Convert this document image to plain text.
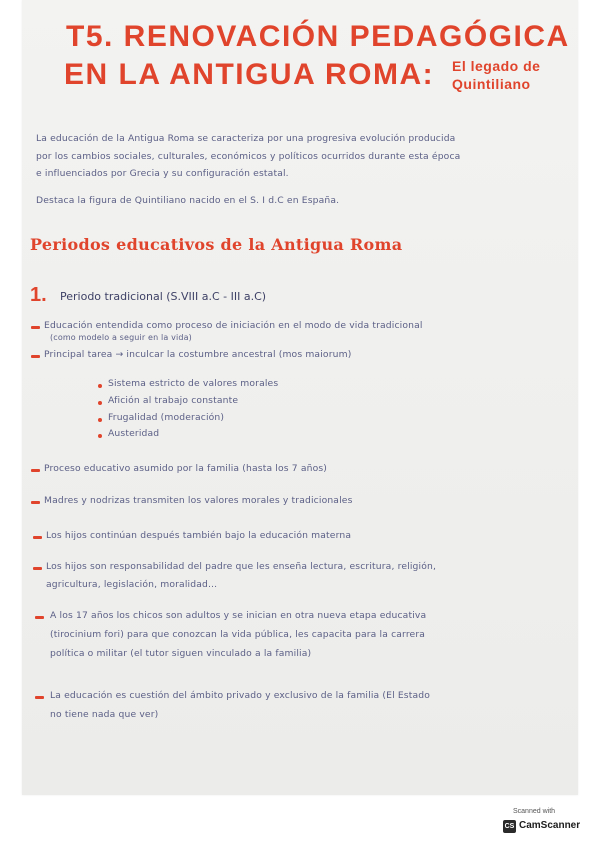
T5. RENOVACIÓN PEDAGÓGICA
EN LA ANTIGUA ROMA: El legado de
Quintiliano
La educación de la Antigua Roma se caracteriza por una progresiva evolución producida
por los cambios sociales, culturales, económicos y políticos ocurridos durante esta época
e influenciados por Grecia y su configuración estatal.
Destaca la figura de Quintiliano nacido en el S. I d.C en España.
Periodos educativos de la Antigua Roma
1. Periodo tradicional (S.VIII a.C - III a.C)
Educación entendida como proceso de iniciación en el modo de vida tradicional
(como modelo a seguir en la vida)
Principal tarea → inculcar la costumbre ancestral (mos maiorum)
Sistema estricto de valores morales
Afición al trabajo constante
Frugalidad (moderación)
Austeridad
Proceso educativo asumido por la familia (hasta los 7 años)
Madres y nodrizas transmiten los valores morales y tradicionales
Los hijos continúan después también bajo la educación materna
Los hijos son responsabilidad del padre que les enseña lectura, escritura, religión,
agricultura, legislación, moralidad...
A los 17 años los chicos son adultos y se inician en otra nueva etapa educativa
(tirocinium fori) para que conozcan la vida pública, les capacita para la carrera
política o militar (el tutor siguen vinculado a la familia)
La educación es cuestión del ámbito privado y exclusivo de la familia (El Estado
no tiene nada que ver)
Scanned with
CS CamScanner
